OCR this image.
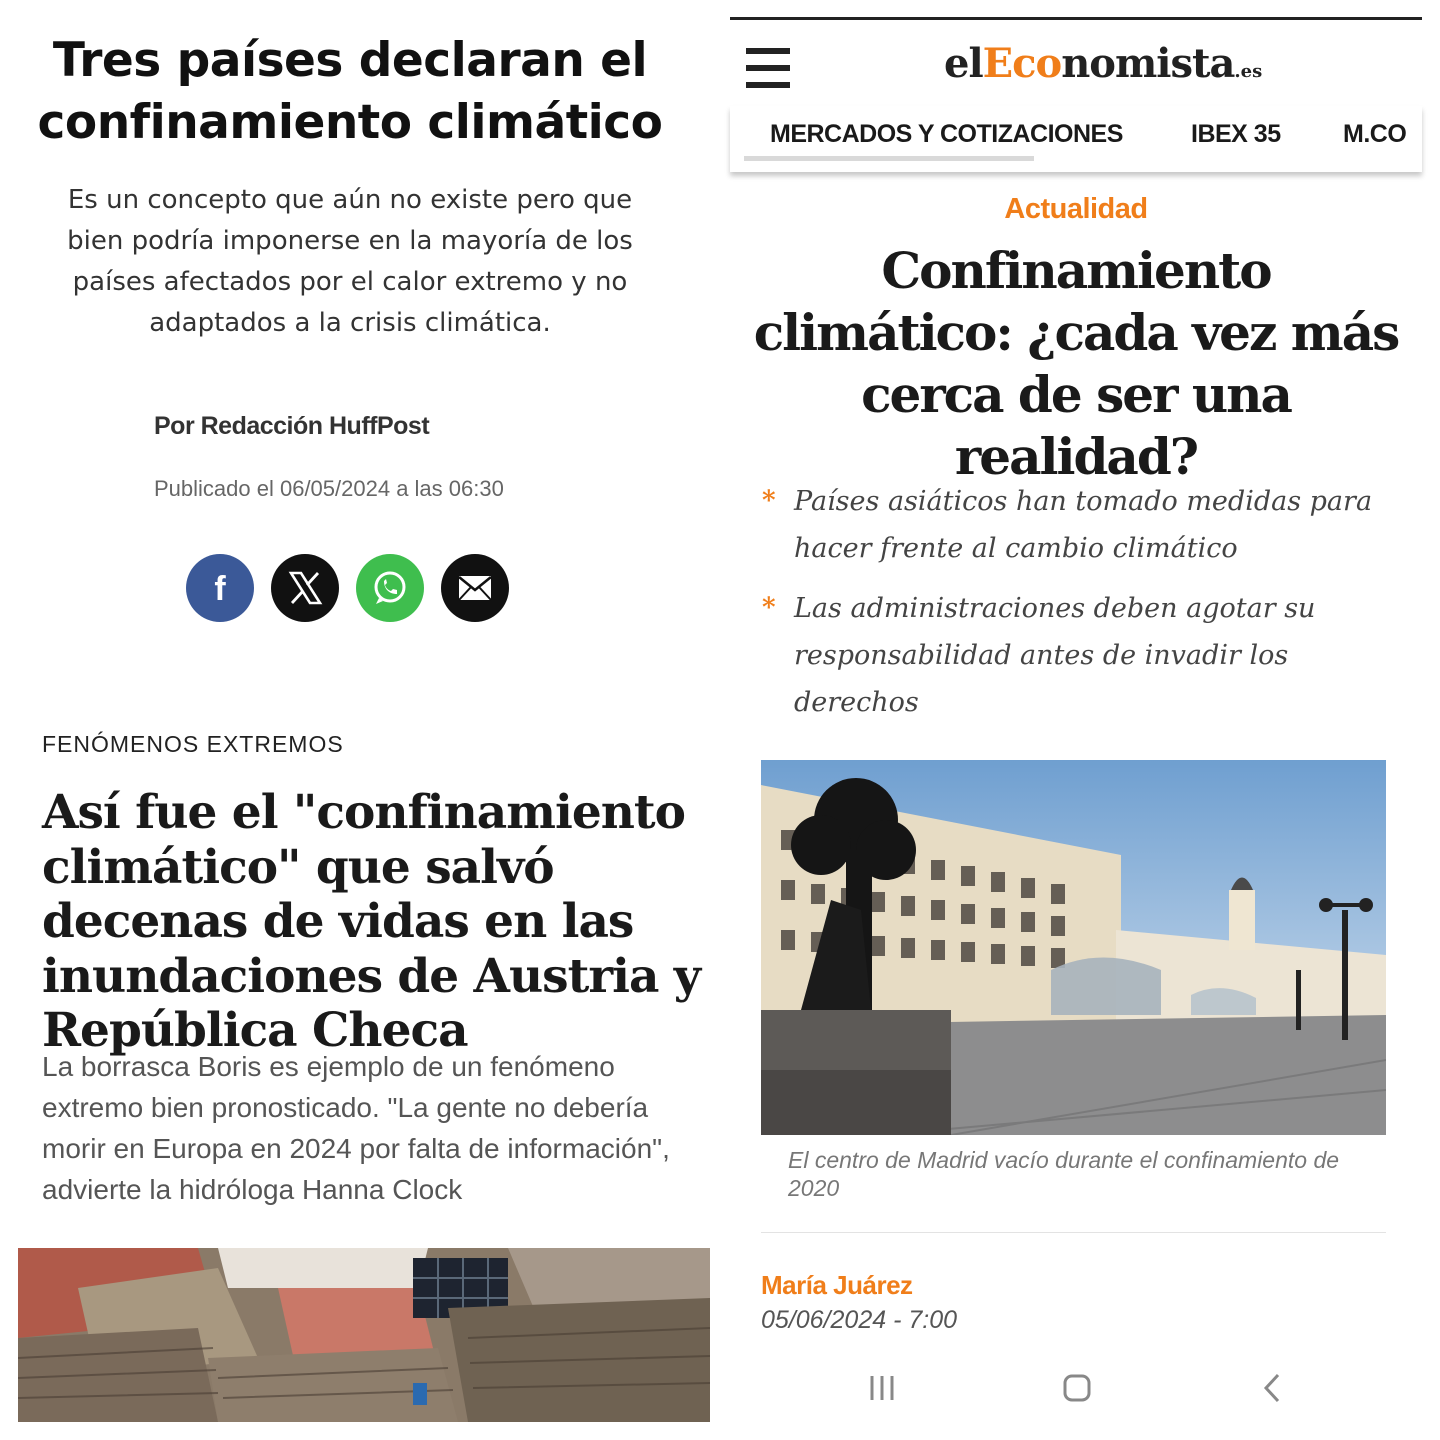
Tres países declaran el confinamiento climático

Es un concepto que aún no existe pero que bien podría imponerse en la mayoría de los países afectados por el calor extremo y no adaptados a la crisis climática.

Por Redacción HuffPost
Publicado el 06/05/2024 a las 06:30
f
FENÓMENOS EXTREMOS
Así fue el "confinamiento climático" que salvó decenas de vidas en las inundaciones de Austria y República Checa

La borrasca Boris es ejemplo de un fenómeno extremo bien pronosticado. "La gente no debería morir en Europa en 2024 por falta de información", advierte la hidróloga Hanna Clock

elEconomista.es
MERCADOS Y COTIZACIONES	IBEX 35 M.CO
Actualidad
Confinamiento climático: ¿cada vez más cerca de ser una realidad?
* Países asiáticos han tomado medidas para hacer frente al cambio climático
* Las administraciones deben agotar su responsabilidad antes de invadir los derechos
El centro de Madrid vacío durante el confinamiento de 2020
María Juárez
05/06/2024 - 7:00
